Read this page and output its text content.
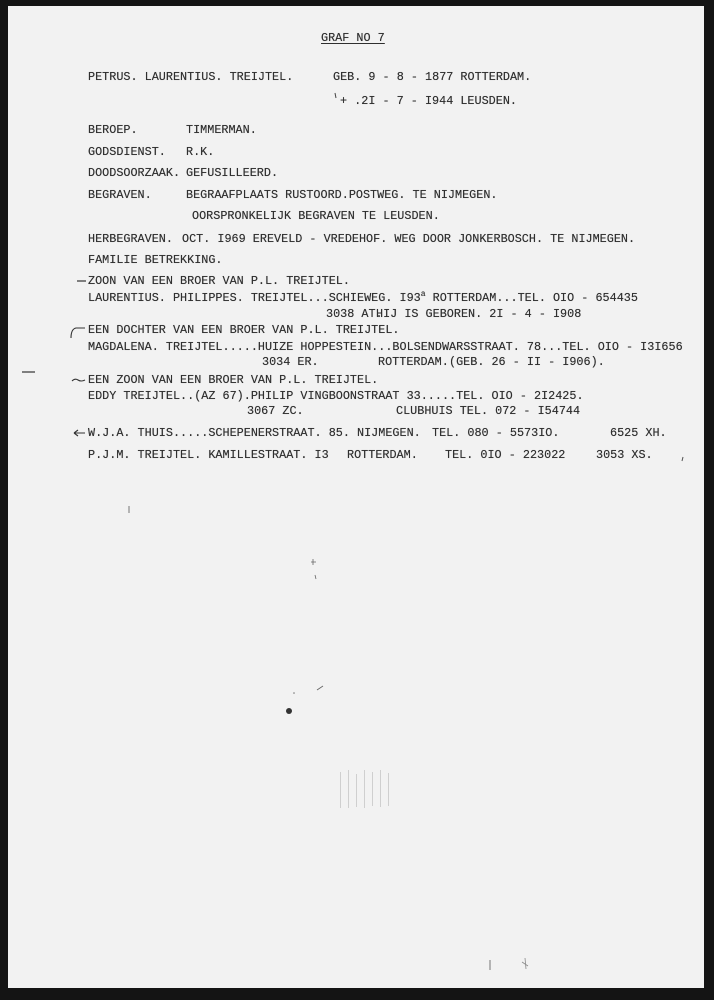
GRAF NO 7
PETRUS. LAURENTIUS. TREIJTEL.	GEB. 9 - 8 - 1877 ROTTERDAM.
+ .2I - 7 - I944 LEUSDEN.
BEROEP.	TIMMERMAN.
GODSDIENST. R.K.
DOODSOORZAAK. GEFUSILLEERD.
BEGRAVEN.	BEGRAAFPLAATS RUSTOORD.POSTWEG. TE NIJMEGEN.
OORSPRONKELIJK BEGRAVEN TE LEUSDEN.
HERBEGRAVEN. OCT. I969 EREVELD - VREDEHOF. WEG DOOR JONKERBOSCH. TE NIJMEGEN.
FAMILIE BETREKKING.
ZOON VAN EEN BROER VAN P.L. TREIJTEL.
LAURENTIUS. PHILIPPES. TREIJTEL...SCHIEWEG. I93$^a$ ROTTERDAM...TEL. OIO - 654435
3038 AT.
HIJ IS GEBOREN. 2I - 4 - I908
EEN DOCHTER VAN EEN BROER VAN P.L. TREIJTEL.
MAGDALENA. TREIJTEL.....HUIZE HOPPESTEIN...BOLSENDWARSSTRAAT. 78...TEL. OIO - I3I656
3034 ER.	ROTTERDAM. (GEB. 26 - II - I906).
EEN ZOON VAN EEN BROER VAN P.L. TREIJTEL.
EDDY TREIJTEL..(AZ 67).PHILIP VINGBOONSTRAAT 33.....TEL. OIO - 2I2425.
3067 ZC.	CLUBHUIS TEL. 072 - I54744
W.J.A. THUIS.....SCHEPENERSTRAAT. 85. NIJMEGEN. TEL. 080 - 5573IO.	6525 XH.
P.J.M. TREIJTEL. KAMILLESTRAAT. I3 ROTTERDAM. TEL. 0IO - 223022	3053 XS.
